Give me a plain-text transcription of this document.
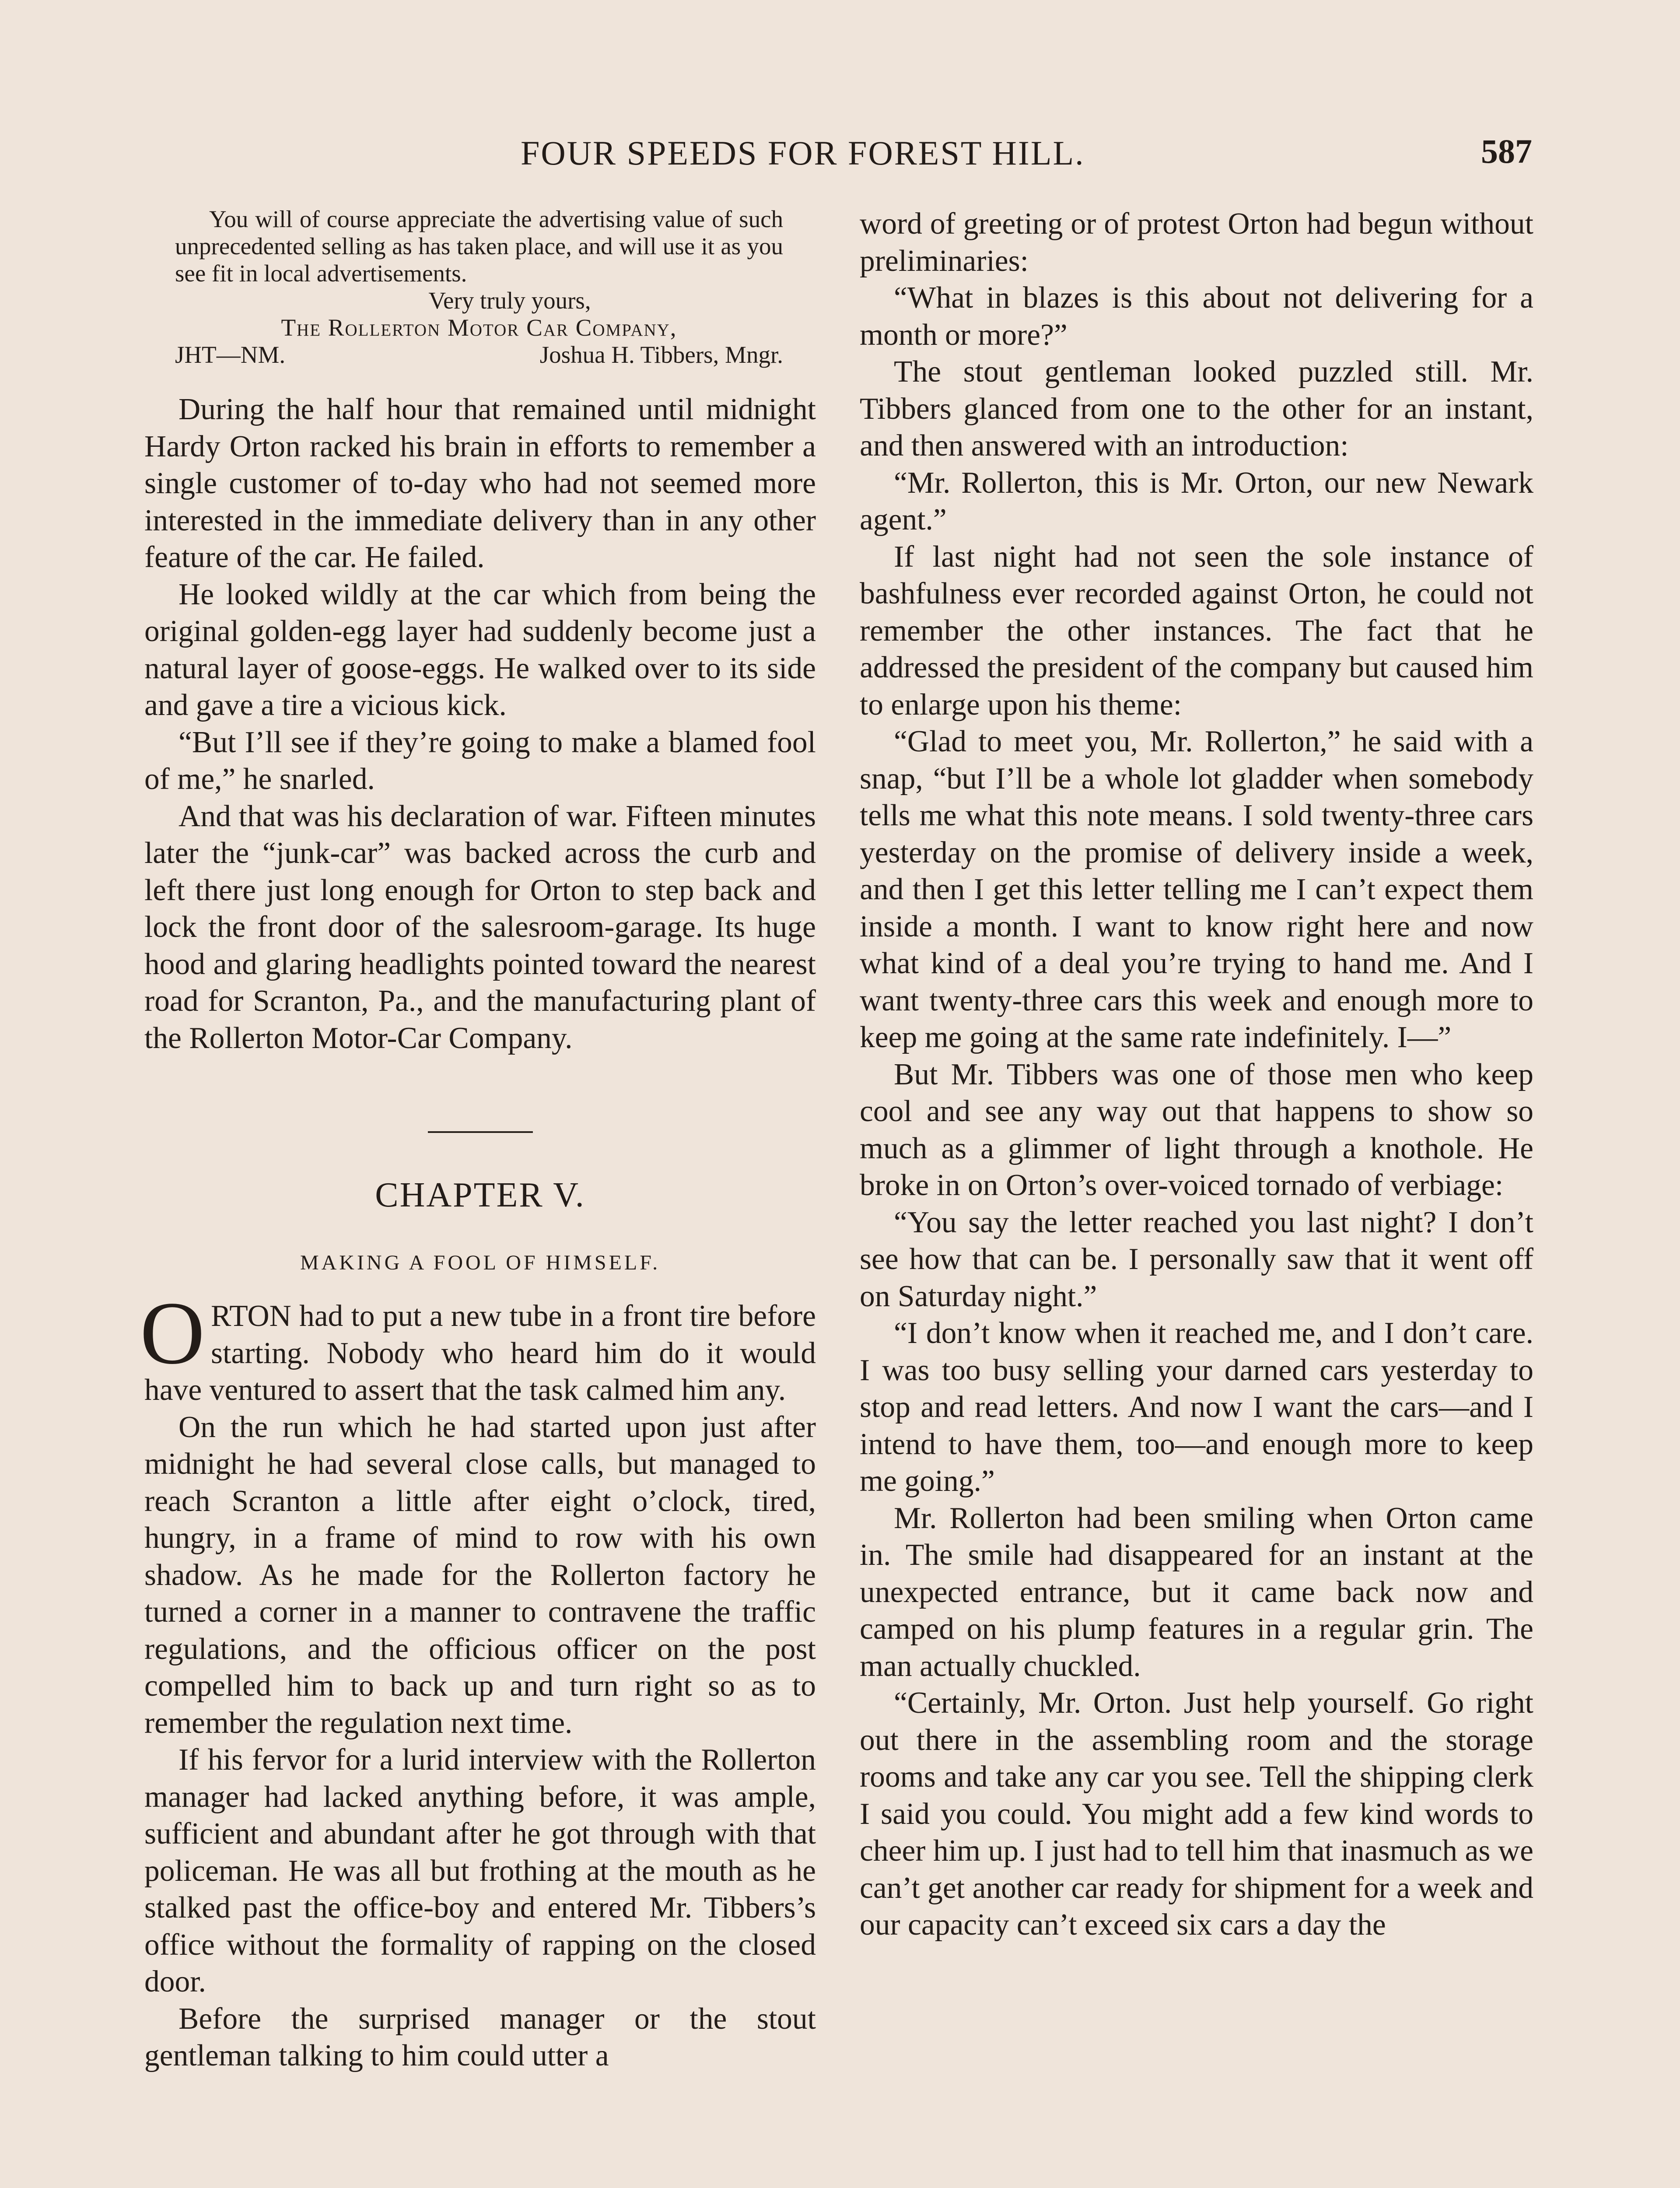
FOUR SPEEDS FOR FOREST HILL.	587

You will of course appreciate the advertising value of such unprecedented selling as has taken place, and will use it as you see fit in local advertisements.

Very truly yours,

The Rollerton Motor Car Company,

JHT—NM.	Joshua H. Tibbers, Mngr.

During the half hour that remained until midnight Hardy Orton racked his brain in efforts to remember a single customer of to-day who had not seemed more interested in the immediate delivery than in any other feature of the car. He failed.

He looked wildly at the car which from being the original golden-egg layer had suddenly become just a natural layer of goose-eggs. He walked over to its side and gave a tire a vicious kick.

“But I’ll see if they’re going to make a blamed fool of me,” he snarled.

And that was his declaration of war. Fifteen minutes later the “junk-car” was backed across the curb and left there just long enough for Orton to step back and lock the front door of the salesroom-garage. Its huge hood and glaring headlights pointed toward the nearest road for Scranton, Pa., and the manufacturing plant of the Rollerton Motor-Car Company.

CHAPTER V.
MAKING A FOOL OF HIMSELF.

ORTON had to put a new tube in a front tire before starting. Nobody who heard him do it would have ventured to assert that the task calmed him any.

On the run which he had started upon just after midnight he had several close calls, but managed to reach Scranton a little after eight o’clock, tired, hungry, in a frame of mind to row with his own shadow. As he made for the Rollerton factory he turned a corner in a manner to contravene the traffic regulations, and the officious officer on the post compelled him to back up and turn right so as to remember the regulation next time.

If his fervor for a lurid interview with the Rollerton manager had lacked anything before, it was ample, sufficient and abundant after he got through with that policeman. He was all but frothing at the mouth as he stalked past the office-boy and entered Mr. Tibbers’s office without the formality of rapping on the closed door.

Before the surprised manager or the stout gentleman talking to him could utter a

word of greeting or of protest Orton had begun without preliminaries:

“What in blazes is this about not delivering for a month or more?”

The stout gentleman looked puzzled still. Mr. Tibbers glanced from one to the other for an instant, and then answered with an introduction:

“Mr. Rollerton, this is Mr. Orton, our new Newark agent.”

If last night had not seen the sole instance of bashfulness ever recorded against Orton, he could not remember the other instances. The fact that he addressed the president of the company but caused him to enlarge upon his theme:

“Glad to meet you, Mr. Rollerton,” he said with a snap, “but I’ll be a whole lot gladder when somebody tells me what this note means. I sold twenty-three cars yesterday on the promise of delivery inside a week, and then I get this letter telling me I can’t expect them inside a month. I want to know right here and now what kind of a deal you’re trying to hand me. And I want twenty-three cars this week and enough more to keep me going at the same rate indefinitely. I—”

But Mr. Tibbers was one of those men who keep cool and see any way out that happens to show so much as a glimmer of light through a knothole. He broke in on Orton’s over-voiced tornado of verbiage:

“You say the letter reached you last night? I don’t see how that can be. I personally saw that it went off on Saturday night.”

“I don’t know when it reached me, and I don’t care. I was too busy selling your darned cars yesterday to stop and read letters. And now I want the cars—and I intend to have them, too—and enough more to keep me going.”

Mr. Rollerton had been smiling when Orton came in. The smile had disappeared for an instant at the unexpected entrance, but it came back now and camped on his plump features in a regular grin. The man actually chuckled.

“Certainly, Mr. Orton. Just help yourself. Go right out there in the assembling room and the storage rooms and take any car you see. Tell the shipping clerk I said you could. You might add a few kind words to cheer him up. I just had to tell him that inasmuch as we can’t get another car ready for shipment for a week and our capacity can’t exceed six cars a day the
